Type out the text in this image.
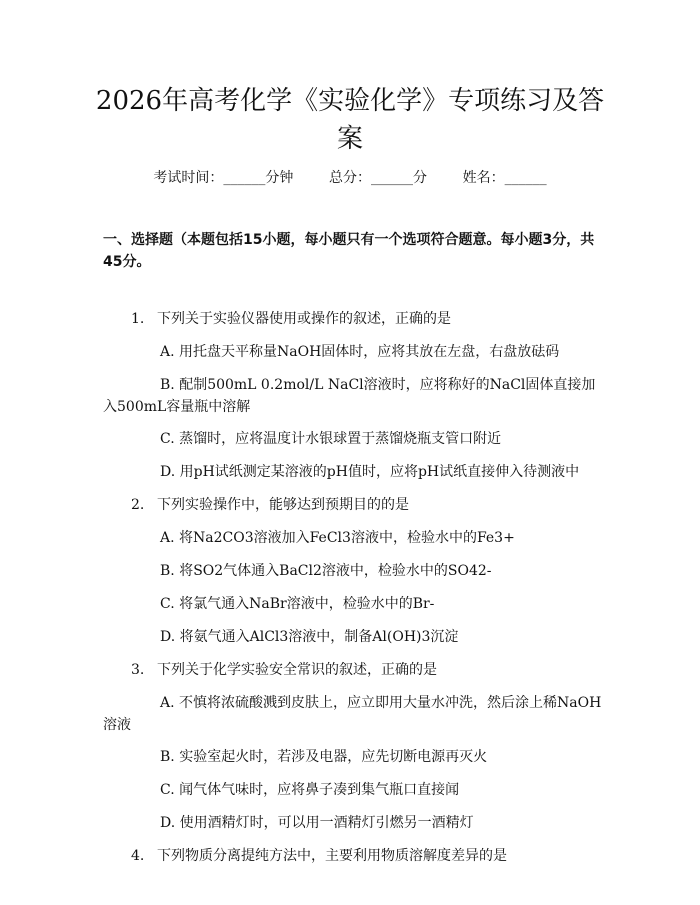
2026年高考化学《实验化学》专项练习及答案
考试时间：______分钟	总分：______分	姓名：______
一、选择题（本题包括15小题，每小题只有一个选项符合题意。每小题3分，共45分。
1. 下列关于实验仪器使用或操作的叙述，正确的是
A. 用托盘天平称量NaOH固体时，应将其放在左盘，右盘放砝码
B. 配制500mL 0.2mol/L NaCl溶液时，应将称好的NaCl固体直接加入500mL容量瓶中溶解
C. 蒸馏时，应将温度计水银球置于蒸馏烧瓶支管口附近
D. 用pH试纸测定某溶液的pH值时，应将pH试纸直接伸入待测液中
2. 下列实验操作中，能够达到预期目的的是
A. 将Na2CO3溶液加入FeCl3溶液中，检验水中的Fe3+
B. 将SO2气体通入BaCl2溶液中，检验水中的SO42-
C. 将氯气通入NaBr溶液中，检验水中的Br-
D. 将氨气通入AlCl3溶液中，制备Al(OH)3沉淀
3. 下列关于化学实验安全常识的叙述，正确的是
A. 不慎将浓硫酸溅到皮肤上，应立即用大量水冲洗，然后涂上稀NaOH溶液
B. 实验室起火时，若涉及电器，应先切断电源再灭火
C. 闻气体气味时，应将鼻子凑到集气瓶口直接闻
D. 使用酒精灯时，可以用一酒精灯引燃另一酒精灯
4. 下列物质分离提纯方法中，主要利用物质溶解度差异的是
